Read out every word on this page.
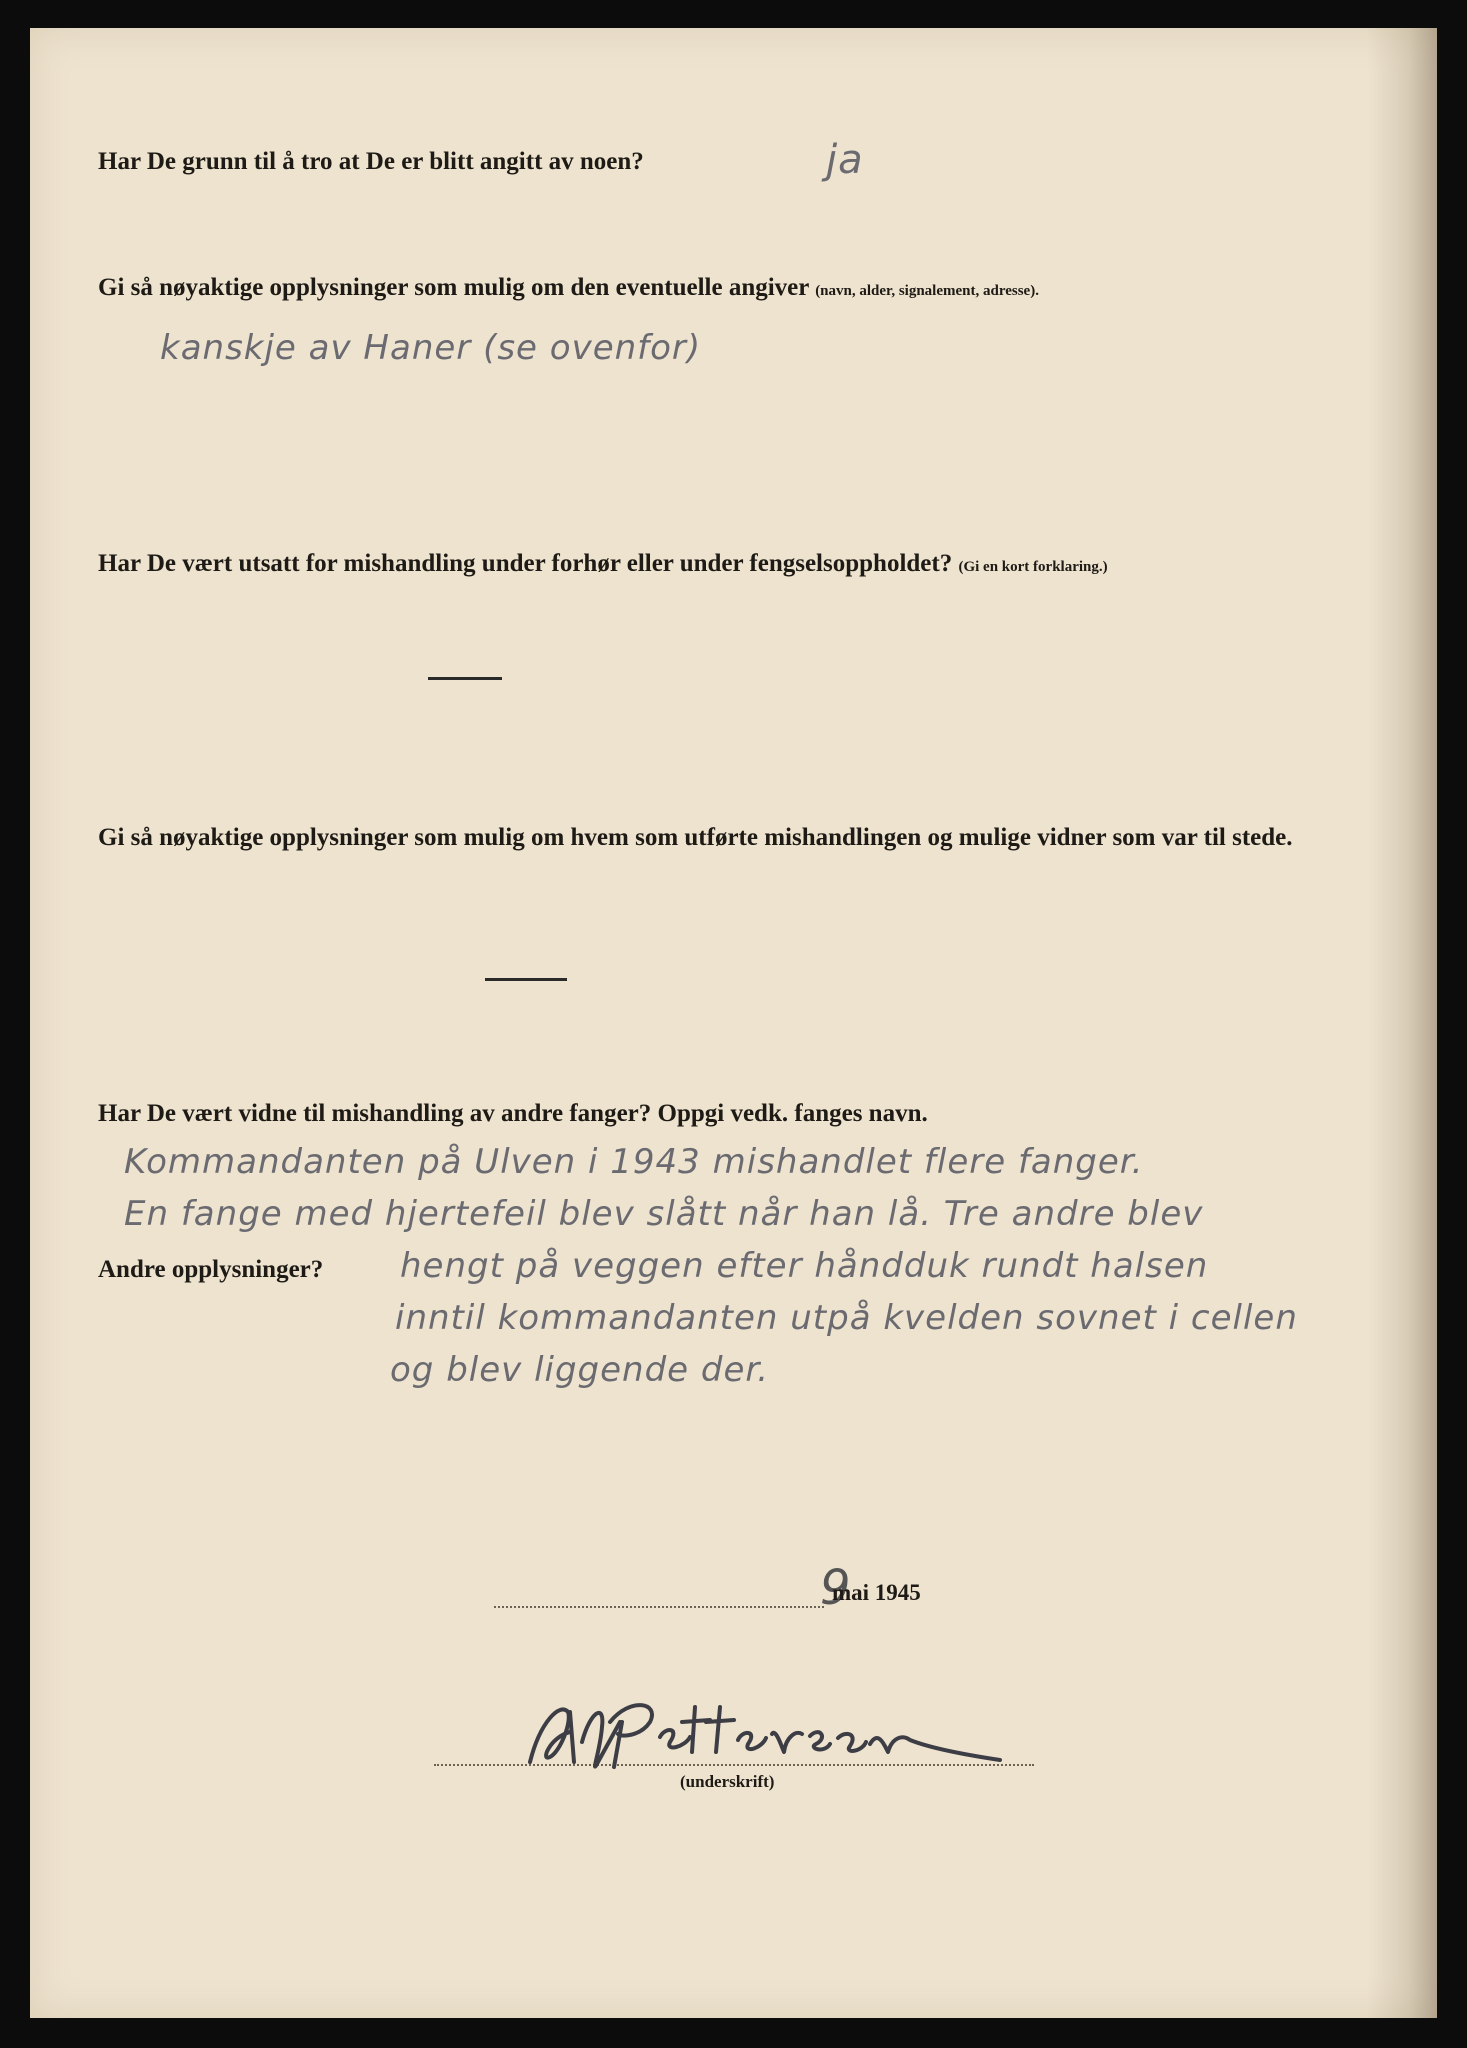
Har De grunn til å tro at De er blitt angitt av noen?	ja

Gi så nøyaktige opplysninger som mulig om den eventuelle angiver (navn, alder, signalement, adresse).

kanskje av Haner (se ovenfor)

Har De vært utsatt for mishandling under forhør eller under fengselsoppholdet? (Gi en kort forklaring.)

Gi så nøyaktige opplysninger som mulig om hvem som utførte mishandlingen og mulige vidner som var til stede.

Har De vært vidne til mishandling av andre fanger? Oppgi vedk. fanges navn.

Kommandanten på Ulven i 1943 mishandlet flere fanger.

En fange med hjertefeil blev slått når han lå. Tre andre blev

Andre opplysninger? hengt på veggen efter håndduk rundt halsen

inntil kommandanten utpå kvelden sovnet i cellen

og blev liggende der.

9
mai 1945
(underskrift)
